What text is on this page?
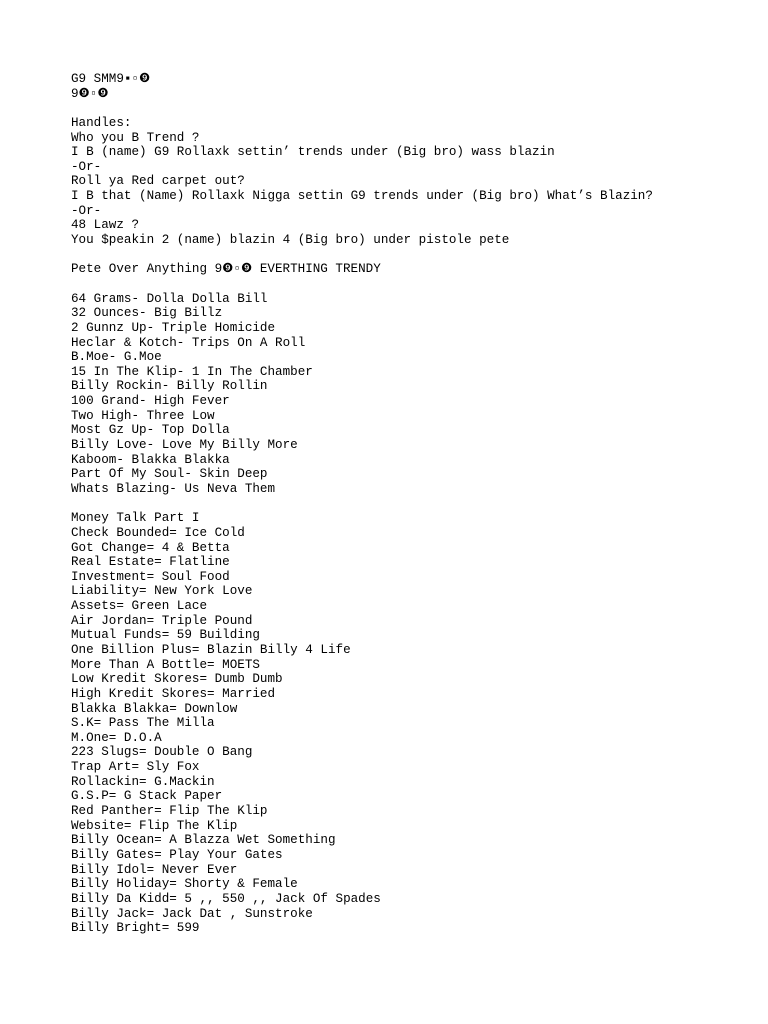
G9 SMM9▪▫❾
9❾▫❾
Handles:
Who you B Trend ?
I B (name) G9 Rollaxk settin’ trends under (Big bro) wass blazin
-Or-
Roll ya Red carpet out?
I B that (Name) Rollaxk Nigga settin G9 trends under (Big bro) What’s Blazin?
-Or-
48 Lawz ?
You $peakin 2 (name) blazin 4 (Big bro) under pistole pete
Pete Over Anything 9❾▫❾ EVERTHING TRENDY
64 Grams- Dolla Dolla Bill
32 Ounces- Big Billz
2 Gunnz Up- Triple Homicide
Heclar & Kotch- Trips On A Roll
B.Moe- G.Moe
15 In The Klip- 1 In The Chamber
Billy Rockin- Billy Rollin
100 Grand- High Fever
Two High- Three Low
Most Gz Up- Top Dolla
Billy Love- Love My Billy More
Kaboom- Blakka Blakka
Part Of My Soul- Skin Deep
Whats Blazing- Us Neva Them
Money Talk Part I
Check Bounded= Ice Cold
Got Change= 4 & Betta
Real Estate= Flatline
Investment= Soul Food
Liability= New York Love
Assets= Green Lace
Air Jordan= Triple Pound
Mutual Funds= 59 Building
One Billion Plus= Blazin Billy 4 Life
More Than A Bottle= MOETS
Low Kredit Skores= Dumb Dumb
High Kredit Skores= Married
Blakka Blakka= Downlow
S.K= Pass The Milla
M.One= D.O.A
223 Slugs= Double O Bang
Trap Art= Sly Fox
Rollackin= G.Mackin
G.S.P= G Stack Paper
Red Panther= Flip The Klip
Website= Flip The Klip
Billy Ocean= A Blazza Wet Something
Billy Gates= Play Your Gates
Billy Idol= Never Ever
Billy Holiday= Shorty & Female
Billy Da Kidd= 5 ,, 550 ,, Jack Of Spades
Billy Jack= Jack Dat , Sunstroke
Billy Bright= 599
